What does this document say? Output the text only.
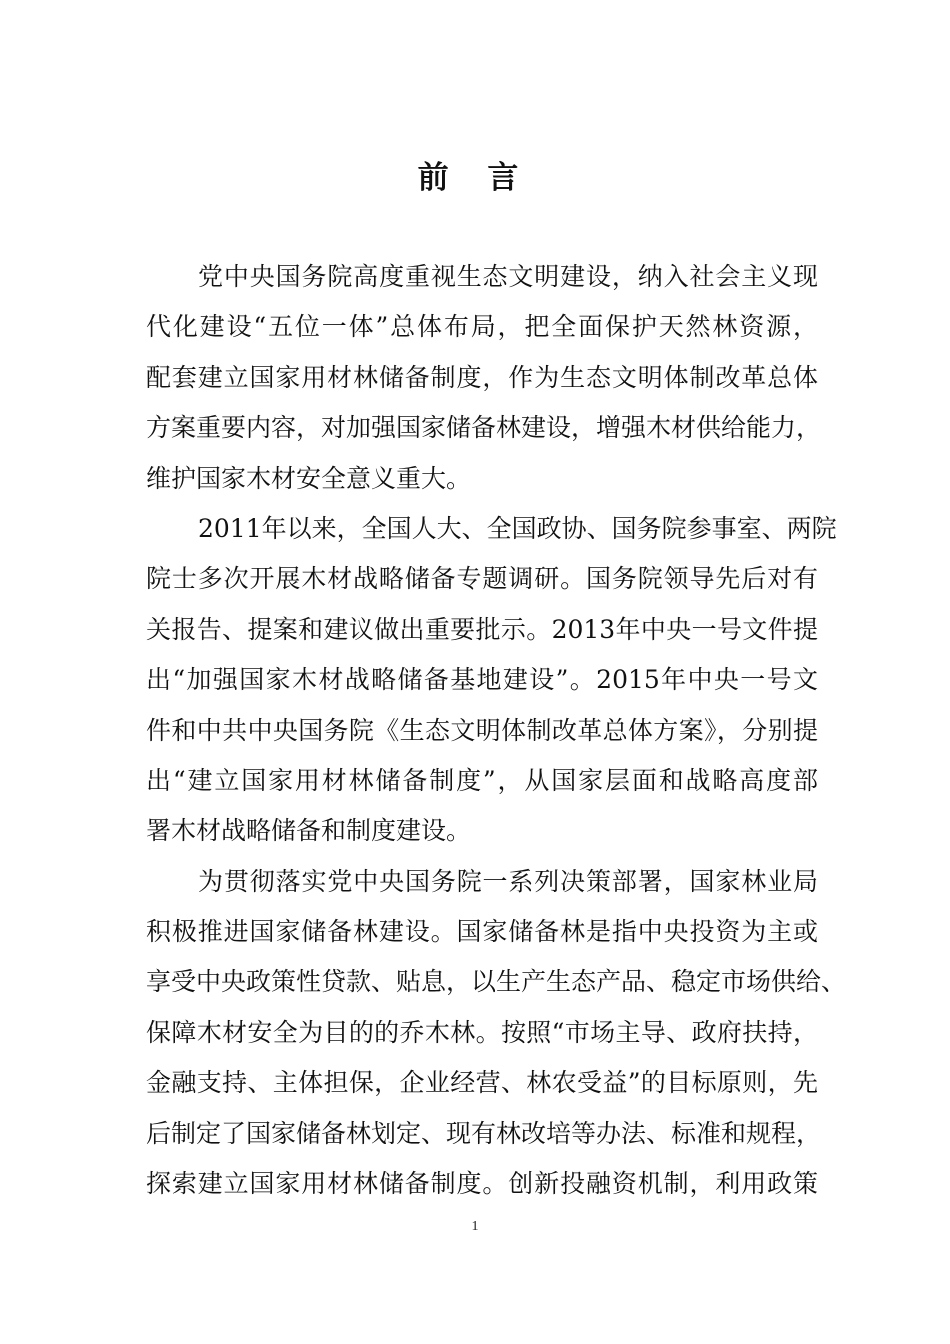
前 言
党中央国务院高度重视生态文明建设，纳入社会主义现
代化建设“五位一体”总体布局，把全面保护天然林资源，
配套建立国家用材林储备制度，作为生态文明体制改革总体
方案重要内容，对加强国家储备林建设，增强木材供给能力，
维护国家木材安全意义重大。
2011年以来，全国人大、全国政协、国务院参事室、两院
院士多次开展木材战略储备专题调研。国务院领导先后对有
关报告、提案和建议做出重要批示。2013年中央一号文件提
出“加强国家木材战略储备基地建设”。2015年中央一号文
件和中共中央国务院《生态文明体制改革总体方案》，分别提
出“建立国家用材林储备制度”，从国家层面和战略高度部
署木材战略储备和制度建设。
为贯彻落实党中央国务院一系列决策部署，国家林业局
积极推进国家储备林建设。国家储备林是指中央投资为主或
享受中央政策性贷款、贴息，以生产生态产品、稳定市场供给、
保障木材安全为目的的乔木林。按照“市场主导、政府扶持，
金融支持、主体担保，企业经营、林农受益”的目标原则，先
后制定了国家储备林划定、现有林改培等办法、标准和规程，
探索建立国家用材林储备制度。创新投融资机制，利用政策
1
